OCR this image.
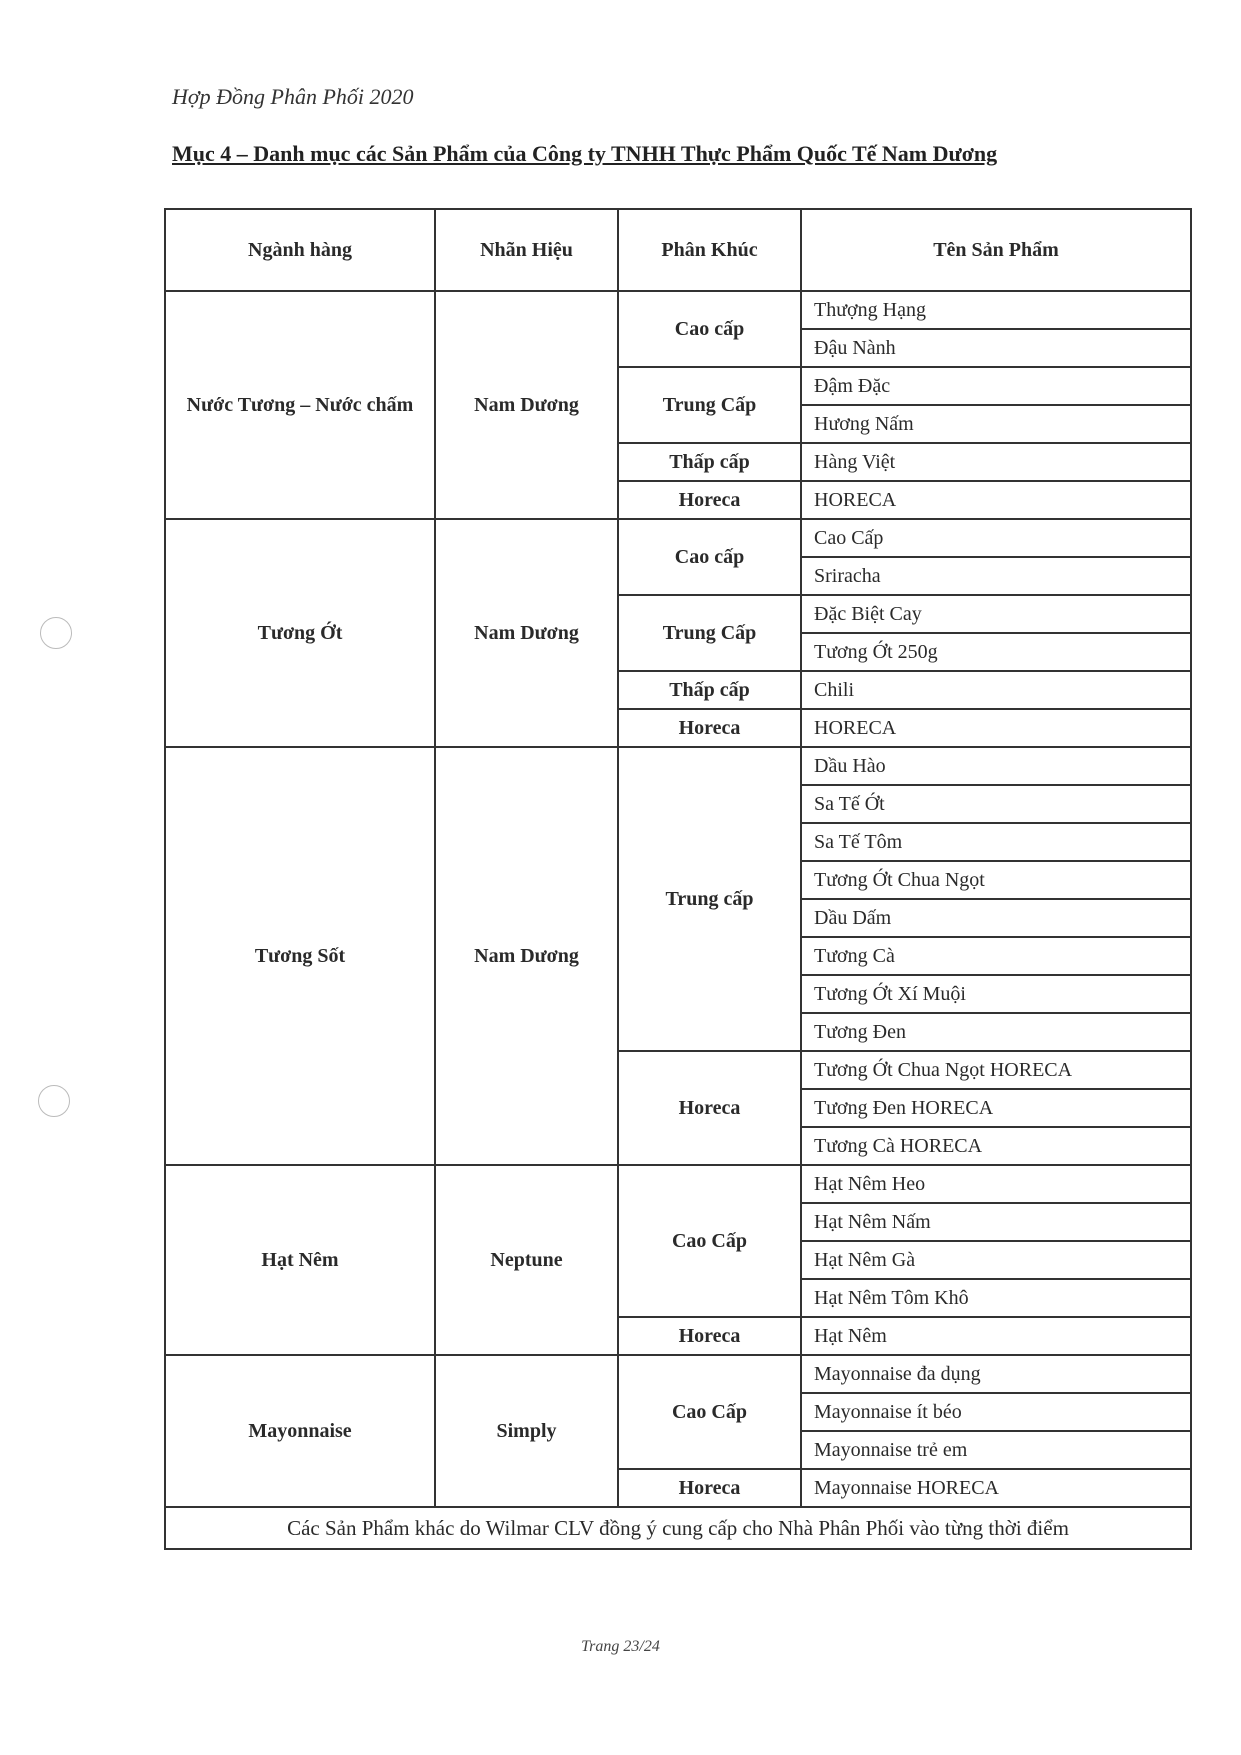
Hợp Đồng Phân Phối 2020
Mục 4 – Danh mục các Sản Phẩm của Công ty TNHH Thực Phẩm Quốc Tế Nam Dương
Ngành hàng	Nhãn Hiệu	Phân Khúc	Tên Sản Phẩm
Nước Tương – Nước chấm	Nam Dương	Cao cấp	Thượng Hạng
			Đậu Nành
		Trung Cấp	Đậm Đặc
			Hương Nấm
		Thấp cấp	Hàng Việt
		Horeca	HORECA
Tương Ớt	Nam Dương	Cao cấp	Cao Cấp
			Sriracha
		Trung Cấp	Đặc Biệt Cay
			Tương Ớt 250g
		Thấp cấp	Chili
		Horeca	HORECA
Tương Sốt	Nam Dương	Trung cấp	Dầu Hào
			Sa Tế Ớt
			Sa Tế Tôm
			Tương Ớt Chua Ngọt
			Dầu Dấm
			Tương Cà
			Tương Ớt Xí Muội
			Tương Đen
		Horeca	Tương Ớt Chua Ngọt HORECA
			Tương Đen HORECA
			Tương Cà HORECA
Hạt Nêm	Neptune	Cao Cấp	Hạt Nêm Heo
			Hạt Nêm Nấm
			Hạt Nêm Gà
			Hạt Nêm Tôm Khô
		Horeca	Hạt Nêm
Mayonnaise	Simply	Cao Cấp	Mayonnaise đa dụng
			Mayonnaise ít béo
			Mayonnaise trẻ em
		Horeca	Mayonnaise HORECA
Các Sản Phẩm khác do Wilmar CLV đồng ý cung cấp cho Nhà Phân Phối vào từng thời điểm			
Trang 23/24
